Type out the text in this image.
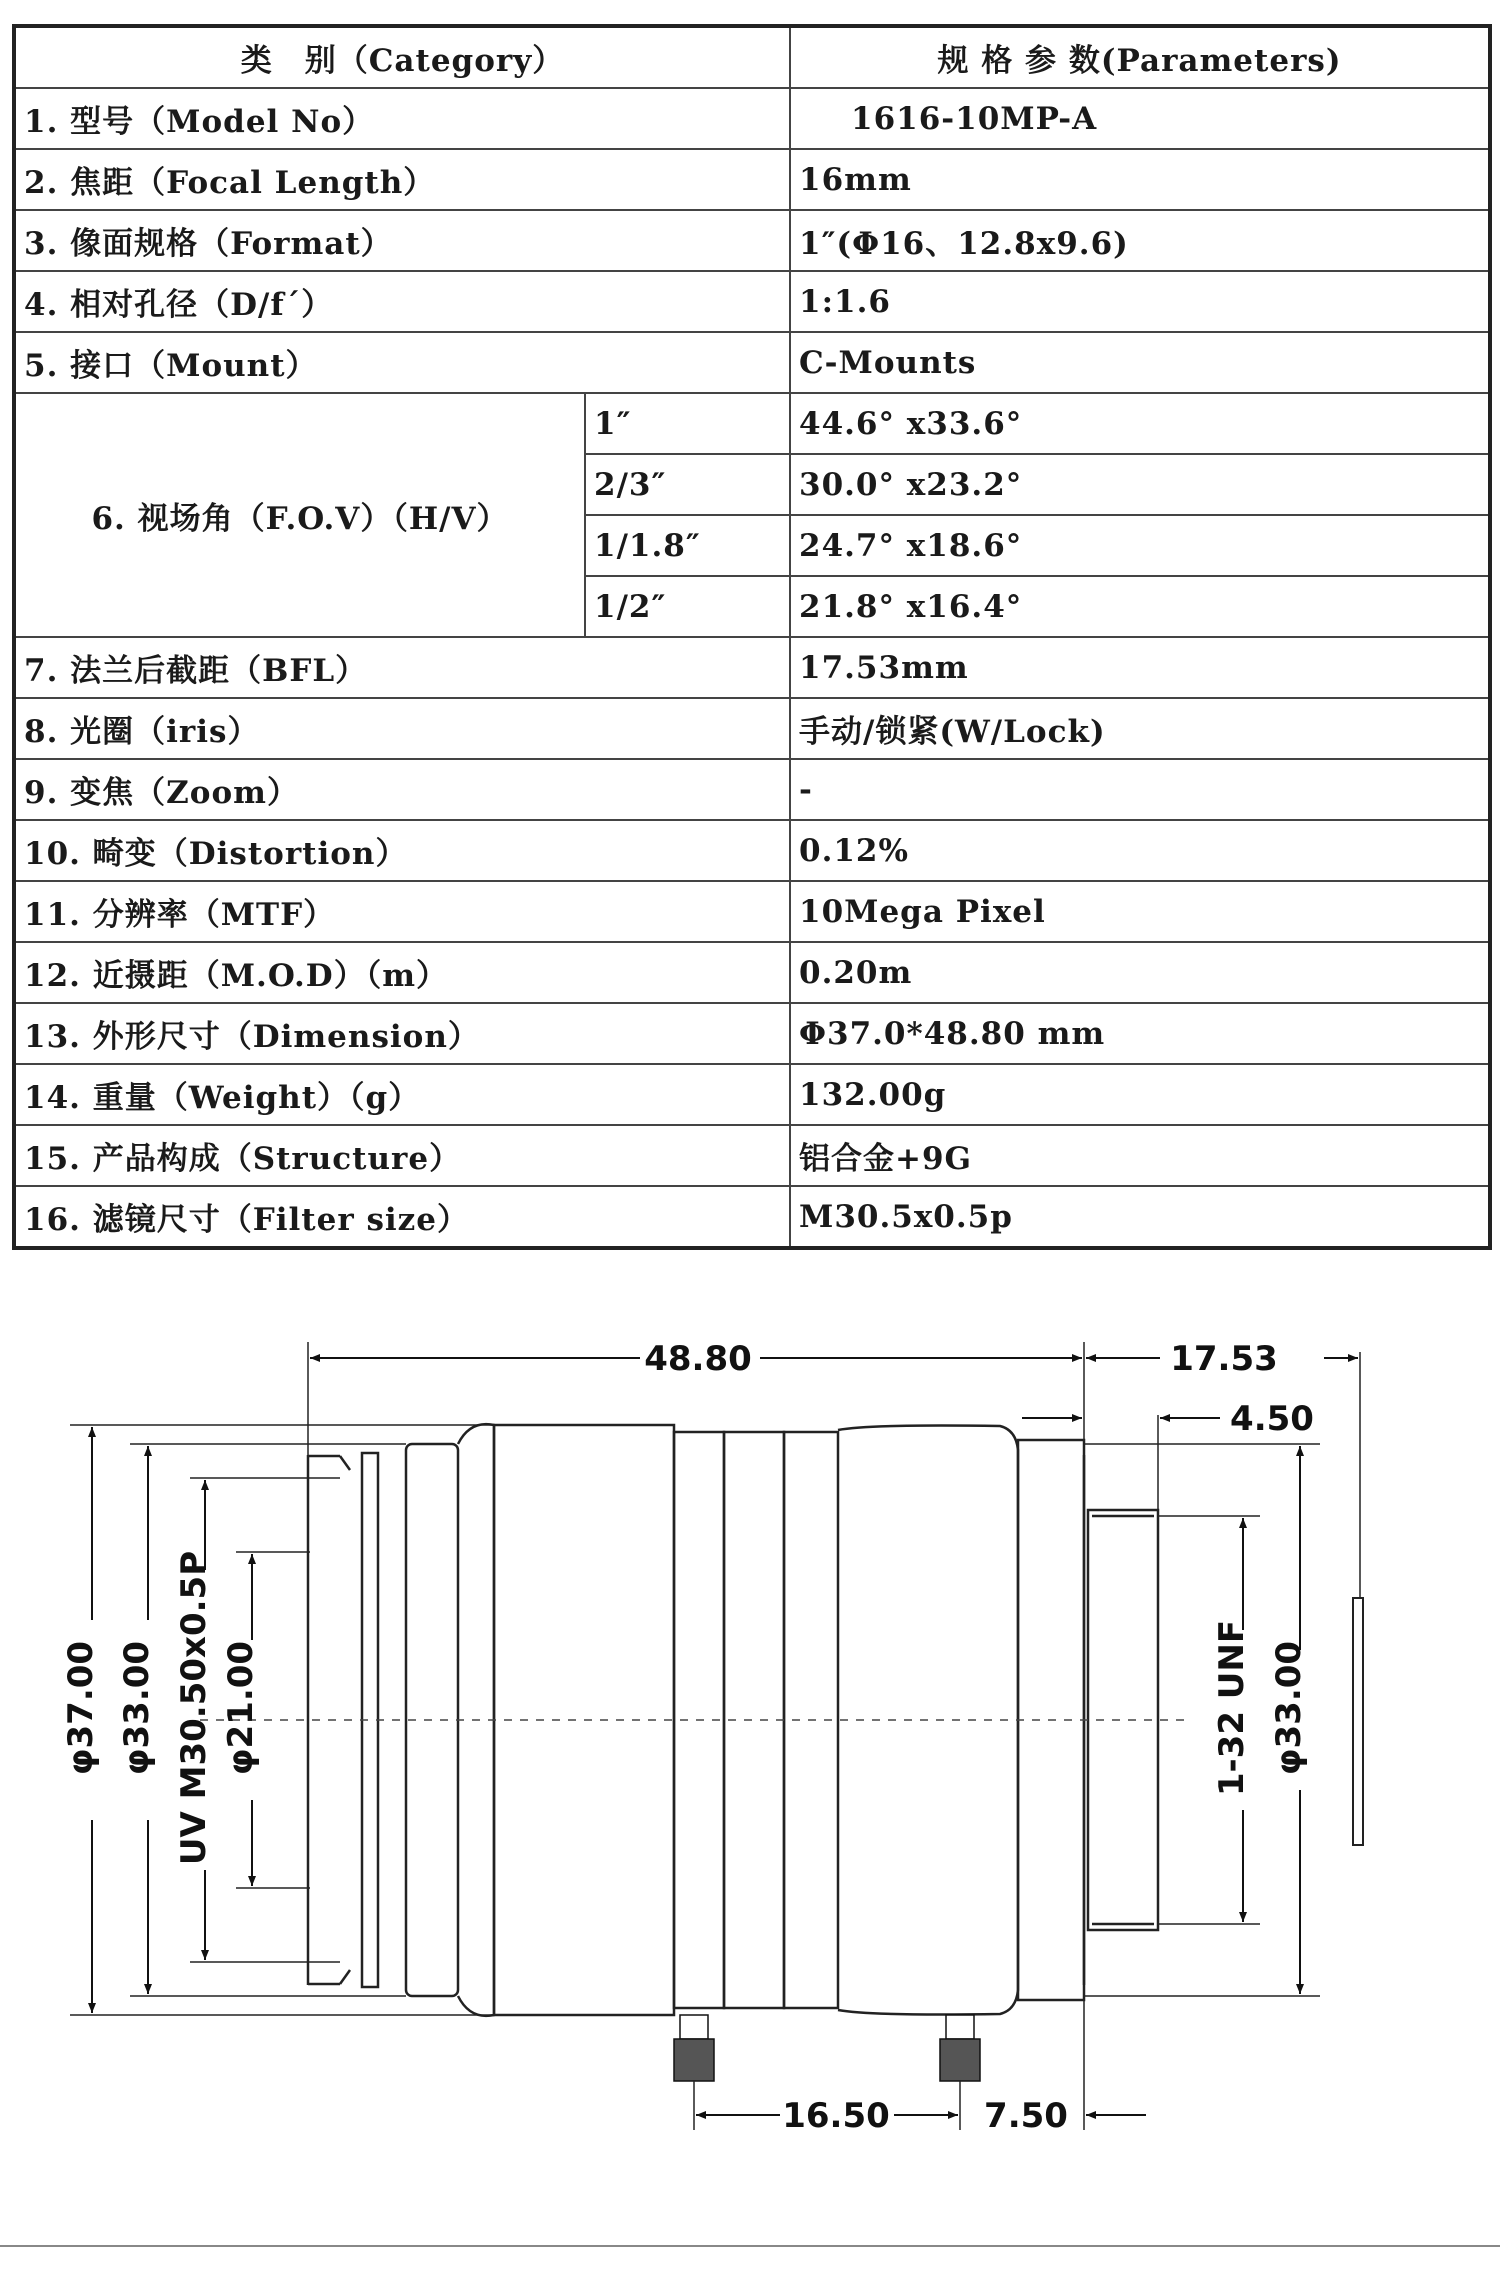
类　别（Category）		规 格 参 数(Parameters)
1. 型号（Model No）		1616-10MP-A
2. 焦距（Focal Length）		16mm
3. 像面规格（Format）		1″(Φ16、12.8x9.6)
4. 相对孔径（D/f´）		1:1.6
5. 接口（Mount）		C-Mounts
6. 视场角（F.O.V）（H/V）	1″	44.6° x33.6°
	2/3″	30.0° x23.2°
	1/1.8″	24.7° x18.6°
	1/2″	21.8° x16.4°
7. 法兰后截距（BFL）		17.53mm
8. 光圈（iris）		手动/锁紧(W/Lock)
9. 变焦（Zoom）		-
10. 畸变（Distortion）		0.12%
11. 分辨率（MTF）		10Mega Pixel
12. 近摄距（M.O.D）（m）		0.20m
13. 外形尺寸（Dimension）		Φ37.0*48.80 mm
14. 重量（Weight）（g）		132.00g
15. 产品构成（Structure）		铝合金+9G
16. 滤镜尺寸（Filter size）		M30.5x0.5p
48.80	17.53
4.50
φ37.00 φ33.00 UV M30.50x0.5P φ21.00	1-32 UNF φ33.00
16.50	7.50
